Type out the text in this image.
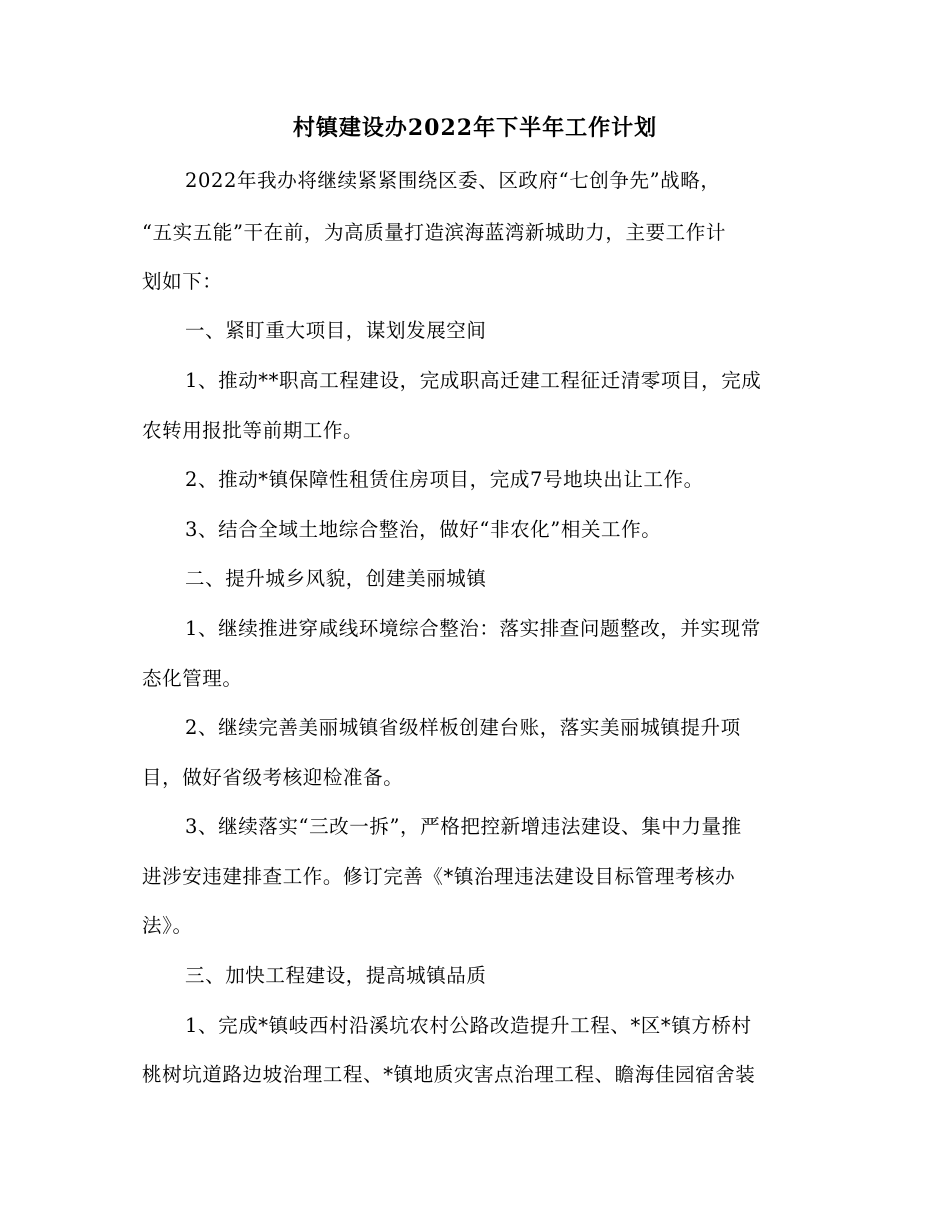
村镇建设办2022年下半年工作计划
2022年我办将继续紧紧围绕区委、区政府“七创争先”战略，
“五实五能”干在前，为高质量打造滨海蓝湾新城助力，主要工作计
划如下：
一、紧盯重大项目，谋划发展空间
1、推动**职高工程建设，完成职高迁建工程征迁清零项目，完成
农转用报批等前期工作。
2、推动*镇保障性租赁住房项目，完成7号地块出让工作。
3、结合全域土地综合整治，做好“非农化”相关工作。
二、提升城乡风貌，创建美丽城镇
1、继续推进穿咸线环境综合整治：落实排查问题整改，并实现常
态化管理。
2、继续完善美丽城镇省级样板创建台账，落实美丽城镇提升项
目，做好省级考核迎检准备。
3、继续落实“三改一拆”，严格把控新增违法建设、集中力量推
进涉安违建排查工作。修订完善《*镇治理违法建设目标管理考核办
法》。
三、加快工程建设，提高城镇品质
1、完成*镇岐西村沿溪坑农村公路改造提升工程、*区*镇方桥村
桃树坑道路边坡治理工程、*镇地质灾害点治理工程、瞻海佳园宿舍装
